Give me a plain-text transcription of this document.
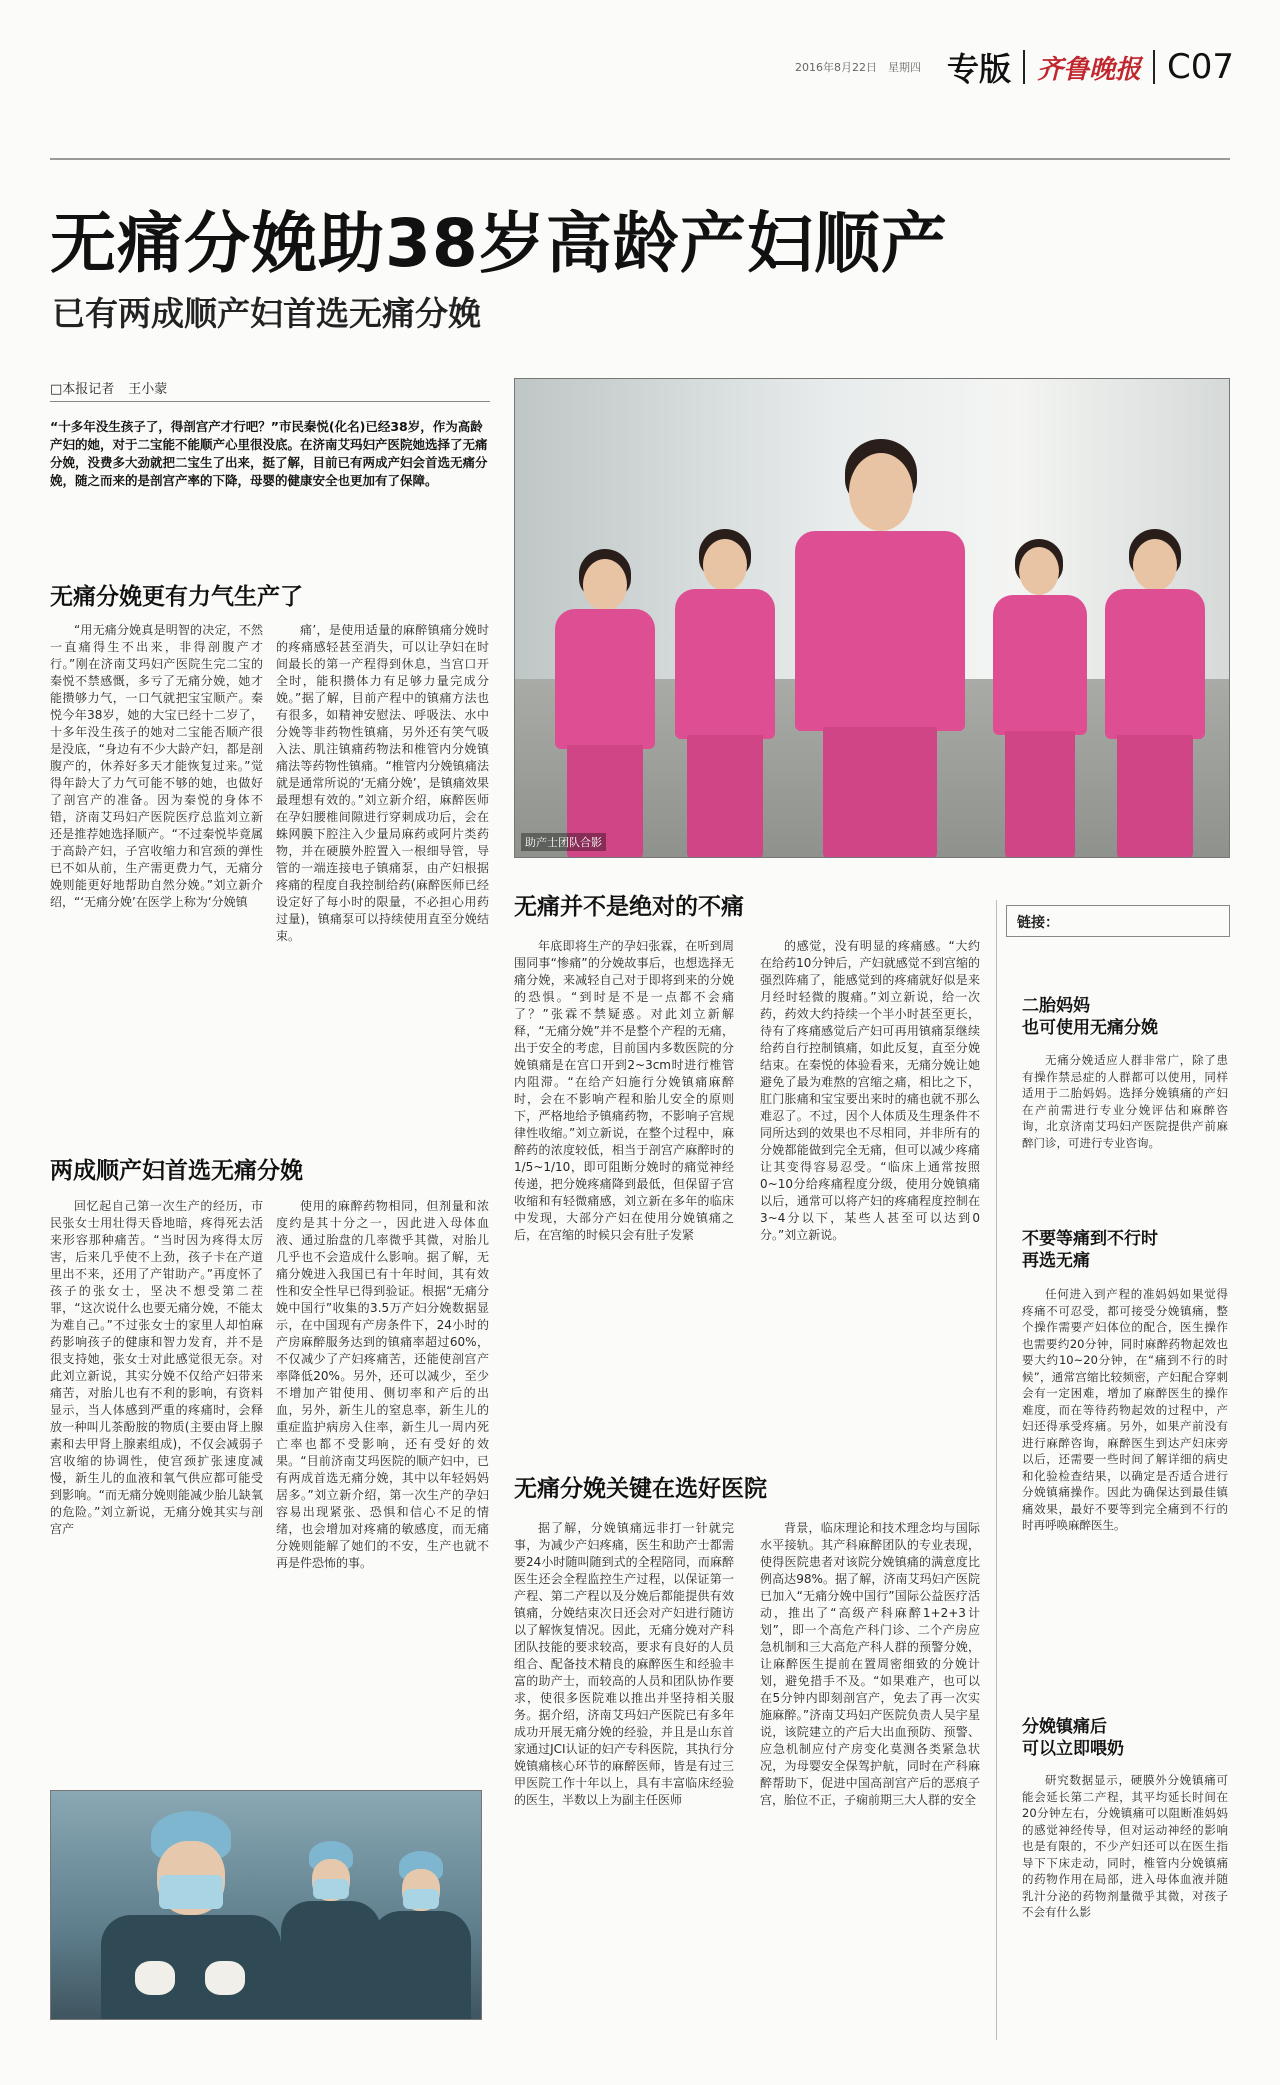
2016年8月22日　星期四 专版 齐鲁晚报 C07
无痛分娩助38岁高龄产妇顺产
已有两成顺产妇首选无痛分娩
□本报记者 王小蒙

“十多年没生孩子了，得剖宫产才行吧？”市民秦悦(化名)已经38岁，作为高龄产妇的她，对于二宝能不能顺产心里很没底。在济南艾玛妇产医院她选择了无痛分娩，没费多大劲就把二宝生了出来，挺了解，目前已有两成产妇会首选无痛分娩，随之而来的是剖宫产率的下降，母婴的健康安全也更加有了保障。

无痛分娩更有力气生产了
“用无痛分娩真是明智的决定，不然一直痛得生不出来，非得剖腹产才行。”刚在济南艾玛妇产医院生完二宝的秦悦不禁感慨，多亏了无痛分娩，她才能攒够力气，一口气就把宝宝顺产。秦悦今年38岁，她的大宝已经十二岁了，十多年没生孩子的她对二宝能否顺产很是没底，“身边有不少大龄产妇，都是剖腹产的，休养好多天才能恢复过来。”觉得年龄大了力气可能不够的她，也做好了剖宫产的准备。因为秦悦的身体不错，济南艾玛妇产医院医疗总监刘立新还是推荐她选择顺产。“不过秦悦毕竟属于高龄产妇，子宫收缩力和宫颈的弹性已不如从前，生产需更费力气，无痛分娩则能更好地帮助自然分娩。”刘立新介绍，“‘无痛分娩’在医学上称为‘分娩镇
痛’，是使用适量的麻醉镇痛分娩时的疼痛感轻甚至消失，可以让孕妇在时间最长的第一产程得到休息，当宫口开全时，能积攒体力有足够力量完成分娩。”据了解，目前产程中的镇痛方法也有很多，如精神安慰法、呼吸法、水中分娩等非药物性镇痛，另外还有笑气吸入法、肌注镇痛药物法和椎管内分娩镇痛法等药物性镇痛。“椎管内分娩镇痛法就是通常所说的‘无痛分娩’，是镇痛效果最理想有效的。”刘立新介绍，麻醉医师在孕妇腰椎间隙进行穿刺成功后，会在蛛网膜下腔注入少量局麻药或阿片类药物，并在硬膜外腔置入一根细导管，导管的一端连接电子镇痛泵，由产妇根据疼痛的程度自我控制给药(麻醉医师已经设定好了每小时的限量，不必担心用药过量)，镇痛泵可以持续使用直至分娩结束。
两成顺产妇首选无痛分娩
回忆起自己第一次生产的经历，市民张女士用壮得天昏地暗，疼得死去活来形容那种痛苦。“当时因为疼得太厉害，后来几乎使不上劲，孩子卡在产道里出不来，还用了产钳助产。”再度怀了孩子的张女士，坚决不想受第二茬罪，“这次说什么也要无痛分娩，不能太为难自己。”不过张女士的家里人却怕麻药影响孩子的健康和智力发育，并不是很支持她，张女士对此感觉很无奈。对此刘立新说，其实分娩不仅给产妇带来痛苦，对胎儿也有不利的影响，有资料显示，当人体感到严重的疼痛时，会释放一种叫儿茶酚胺的物质(主要由肾上腺素和去甲肾上腺素组成)，不仅会减弱子宫收缩的协调性，使宫颈扩张速度减慢，新生儿的血液和氧气供应都可能受到影响。“而无痛分娩则能减少胎儿缺氧的危险。”刘立新说，无痛分娩其实与剖宫产
使用的麻醉药物相同，但剂量和浓度约是其十分之一，因此进入母体血液、通过胎盘的几率微乎其微，对胎儿几乎也不会造成什么影响。据了解，无痛分娩进入我国已有十年时间，其有效性和安全性早已得到验证。根据“无痛分娩中国行”收集的3.5万产妇分娩数据显示，在中国现有产房条件下，24小时的产房麻醉服务达到的镇痛率超过60%，不仅减少了产妇疼痛苦，还能使剖宫产率降低20%。另外，还可以减少，至少不增加产钳使用、侧切率和产后的出血，另外，新生儿的窒息率，新生儿的重症监护病房入住率，新生儿一周内死亡率也都不受影响，还有受好的效果。“目前济南艾玛医院的顺产妇中，已有两成首选无痛分娩，其中以年轻妈妈居多。”刘立新介绍，第一次生产的孕妇容易出现紧张、恐惧和信心不足的情绪，也会增加对疼痛的敏感度，而无痛分娩则能解了她们的不安，生产也就不再是件恐怖的事。
助产士团队合影
无痛并不是绝对的不痛
年底即将生产的孕妇张霖，在听到周围同事“惨痛”的分娩故事后，也想选择无痛分娩，来减轻自己对于即将到来的分娩的恐惧。“到时是不是一点都不会痛了？”张霖不禁疑惑。对此刘立新解释，“无痛分娩”并不是整个产程的无痛，出于安全的考虑，目前国内多数医院的分娩镇痛是在宫口开到2~3cm时进行椎管内阻滞。“在给产妇施行分娩镇痛麻醉时，会在不影响产程和胎儿安全的原则下，严格地给予镇痛药物，不影响子宫规律性收缩。”刘立新说，在整个过程中，麻醉药的浓度较低，相当于剖宫产麻醉时的1/5~1/10，即可阻断分娩时的痛觉神经传递，把分娩疼痛降到最低，但保留子宫收缩和有轻微痛感，刘立新在多年的临床中发现，大部分产妇在使用分娩镇痛之后，在宫缩的时候只会有肚子发紧
的感觉，没有明显的疼痛感。“大约在给药10分钟后，产妇就感觉不到宫缩的强烈阵痛了，能感觉到的疼痛就好似是来月经时轻微的腹痛。”刘立新说，给一次药，药效大约持续一个半小时甚至更长，待有了疼痛感觉后产妇可再用镇痛泵继续给药自行控制镇痛，如此反复，直至分娩结束。在秦悦的体验看来，无痛分娩让她避免了最为难熬的宫缩之痛，相比之下，肛门胀痛和宝宝要出来时的痛也就不那么难忍了。不过，因个人体质及生理条件不同所达到的效果也不尽相同，并非所有的分娩都能做到完全无痛，但可以减少疼痛让其变得容易忍受。“临床上通常按照0~10分给疼痛程度分级，使用分娩镇痛以后，通常可以将产妇的疼痛程度控制在3~4分以下，某些人甚至可以达到0分。”刘立新说。
无痛分娩关键在选好医院
据了解，分娩镇痛远非打一针就完事，为减少产妇疼痛，医生和助产士都需要24小时随叫随到式的全程陪同，而麻醉医生还会全程监控生产过程，以保证第一产程、第二产程以及分娩后都能提供有效镇痛，分娩结束次日还会对产妇进行随访以了解恢复情况。因此，无痛分娩对产科团队技能的要求较高，要求有良好的人员组合、配备技术精良的麻醉医生和经验丰富的助产士，而较高的人员和团队协作要求，使很多医院难以推出并坚持相关服务。据介绍，济南艾玛妇产医院已有多年成功开展无痛分娩的经验，并且是山东首家通过JCI认证的妇产专科医院，其执行分娩镇痛核心环节的麻醉医师，皆是有过三甲医院工作十年以上，具有丰富临床经验的医生，半数以上为副主任医师
背景，临床理论和技术理念均与国际水平接轨。其产科麻醉团队的专业表现，使得医院患者对该院分娩镇痛的满意度比例高达98%。据了解，济南艾玛妇产医院已加入“无痛分娩中国行”国际公益医疗活动，推出了“高级产科麻醉1+2+3计划”，即一个高危产科门诊、二个产房应急机制和三大高危产科人群的预警分娩，让麻醉医生提前在置周密细致的分娩计划，避免措手不及。“如果难产，也可以在5分钟内即刻剖宫产，免去了再一次实施麻醉。”济南艾玛妇产医院负责人吴宇星说，该院建立的产后大出血预防、预警、应急机制应付产房变化莫测各类紧急状况，为母婴安全保驾护航，同时在产科麻醉帮助下，促进中国高剖宫产后的恶痕子宫，胎位不正，子痫前期三大人群的安全
链接：
二胎妈妈
也可使用无痛分娩
无痛分娩适应人群非常广，除了患有操作禁忌症的人群都可以使用，同样适用于二胎妈妈。选择分娩镇痛的产妇在产前需进行专业分娩评估和麻醉咨询，北京济南艾玛妇产医院提供产前麻醉门诊，可进行专业咨询。
不要等痛到不行时
再选无痛
任何进入到产程的准妈妈如果觉得疼痛不可忍受，都可接受分娩镇痛，整个操作需要产妇体位的配合，医生操作也需要约20分钟，同时麻醉药物起效也要大约10~20分钟，在“痛到不行的时候”，通常宫缩比较频密，产妇配合穿刺会有一定困难，增加了麻醉医生的操作难度，而在等待药物起效的过程中，产妇还得承受疼痛。另外，如果产前没有进行麻醉咨询，麻醉医生到达产妇床旁以后，还需要一些时间了解详细的病史和化验检查结果，以确定是否适合进行分娩镇痛操作。因此为确保达到最佳镇痛效果，最好不要等到完全痛到不行的时再呼唤麻醉医生。
分娩镇痛后
可以立即喂奶
研究数据显示，硬膜外分娩镇痛可能会延长第二产程，其平均延长时间在20分钟左右，分娩镇痛可以阻断准妈妈的感觉神经传导，但对运动神经的影响也是有限的，不少产妇还可以在医生指导下下床走动，同时，椎管内分娩镇痛的药物作用在局部，进入母体血液并随乳汁分泌的药物剂量微乎其微，对孩子不会有什么影
